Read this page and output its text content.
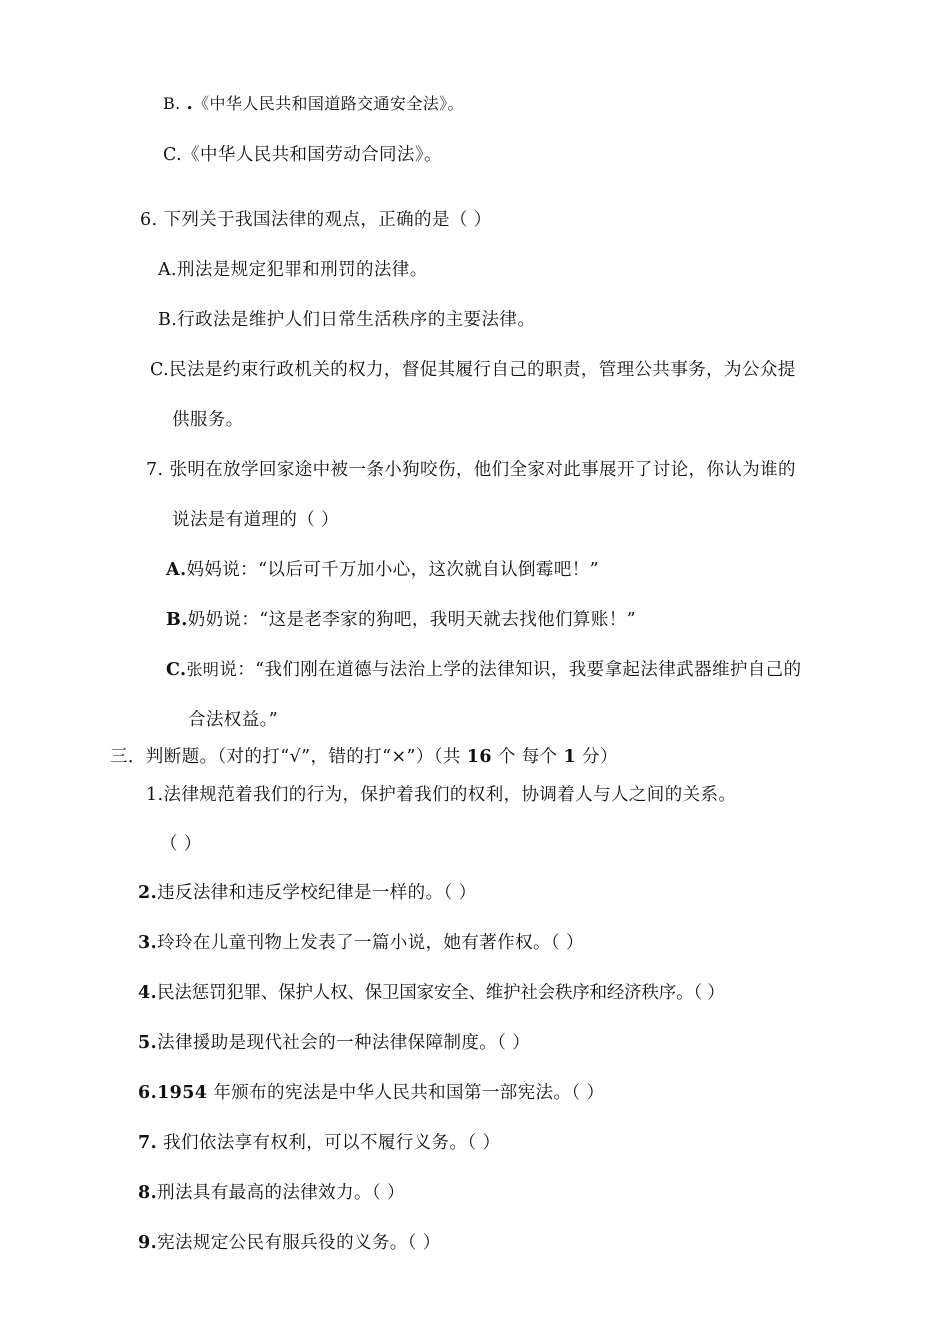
B. .《中华人民共和国道路交通安全法》。
C.《中华人民共和国劳动合同法》。
6. 下列关于我国法律的观点，正确的是（ ）
A.刑法是规定犯罪和刑罚的法律。
B.行政法是维护人们日常生活秩序的主要法律。
C.民法是约束行政机关的权力，督促其履行自己的职责，管理公共事务，为公众提
供服务。
7. 张明在放学回家途中被一条小狗咬伤，他们全家对此事展开了讨论，你认为谁的
说法是有道理的（ ）
A.妈妈说：“以后可千万加小心，这次就自认倒霉吧！”
B.奶奶说：“这是老李家的狗吧，我明天就去找他们算账！”
C.张明说：“我们刚在道德与法治上学的法律知识，我要拿起法律武器维护自己的
合法权益。”
三．判断题。（对的打“√”，错的打“×”）（共 16 个 每个 1 分）
1.法律规范着我们的行为，保护着我们的权利，协调着人与人之间的关系。
（ ）
2.违反法律和违反学校纪律是一样的。（ ）
3.玲玲在儿童刊物上发表了一篇小说，她有著作权。（ ）
4.民法惩罚犯罪、保护人权、保卫国家安全、维护社会秩序和经济秩序。（ ）
5.法律援助是现代社会的一种法律保障制度。（ ）
6.1954 年颁布的宪法是中华人民共和国第一部宪法。（ ）
7. 我们依法享有权利，可以不履行义务。（ ）
8.刑法具有最高的法律效力。（ ）
9.宪法规定公民有服兵役的义务。（ ）
